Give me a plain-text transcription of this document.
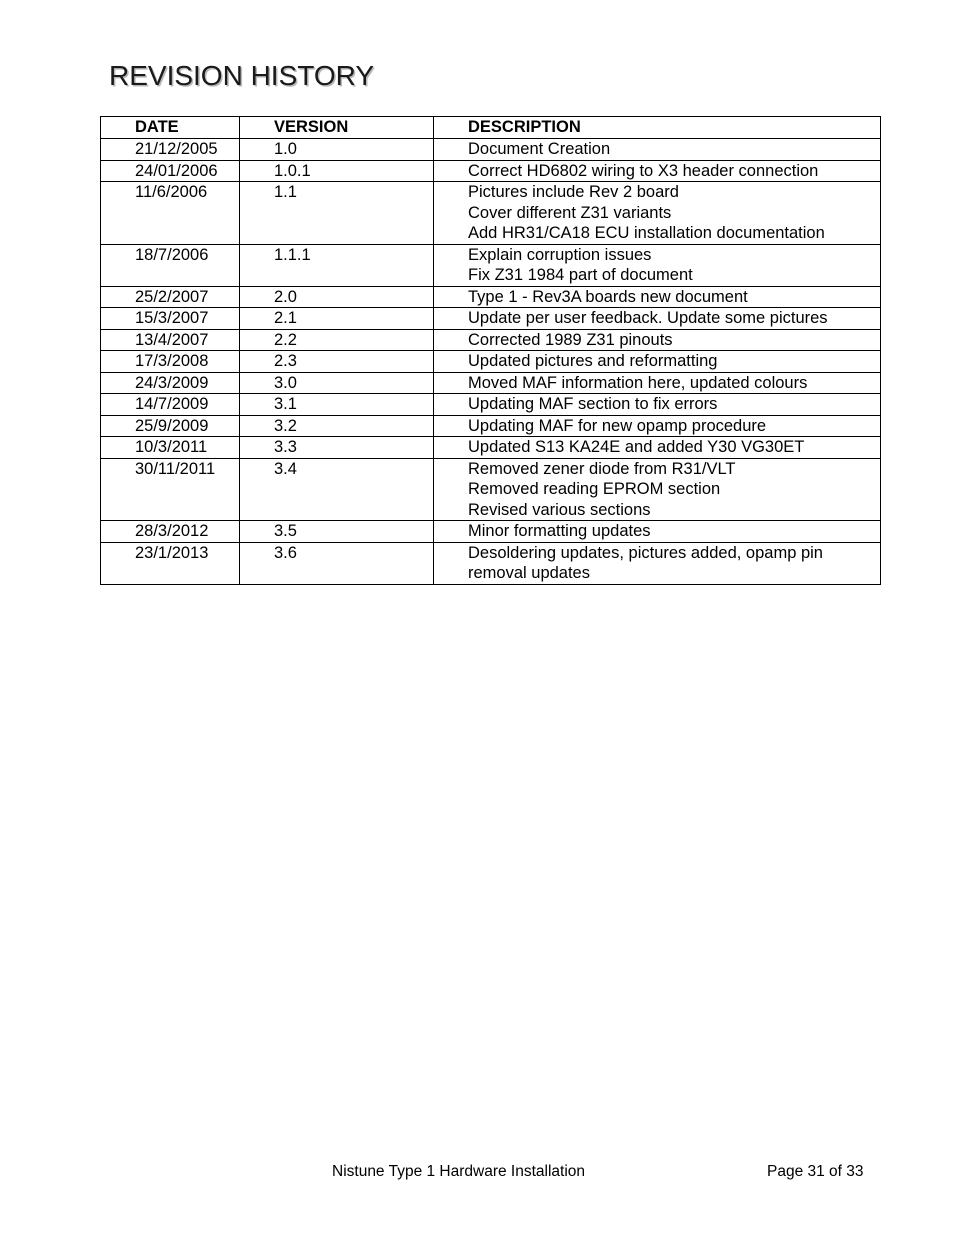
REVISION HISTORY
DATE	VERSION	DESCRIPTION
21/12/2005	1.0	Document Creation

24/01/2006	1.0.1	Correct HD6802 wiring to X3 header connection

11/6/2006	1.1	Pictures include Rev 2 board
Cover different Z31 variants
Add HR31/CA18 ECU installation documentation

18/7/2006	1.1.1	Explain corruption issues
Fix Z31 1984 part of document

25/2/2007	2.0	Type 1 - Rev3A boards new document

15/3/2007	2.1	Update per user feedback. Update some pictures

13/4/2007	2.2	Corrected 1989 Z31 pinouts

17/3/2008	2.3	Updated pictures and reformatting

24/3/2009	3.0	Moved MAF information here, updated colours

14/7/2009	3.1	Updating MAF section to fix errors

25/9/2009	3.2	Updating MAF for new opamp procedure

10/3/2011	3.3	Updated S13 KA24E and added Y30 VG30ET

30/11/2011	3.4	Removed zener diode from R31/VLT
Removed reading EPROM section
Revised various sections

28/3/2012	3.5	Minor formatting updates

23/1/2013	3.6	Desoldering updates, pictures added, opamp pin removal updates
Nistune Type 1 Hardware Installation	Page 31 of 33
